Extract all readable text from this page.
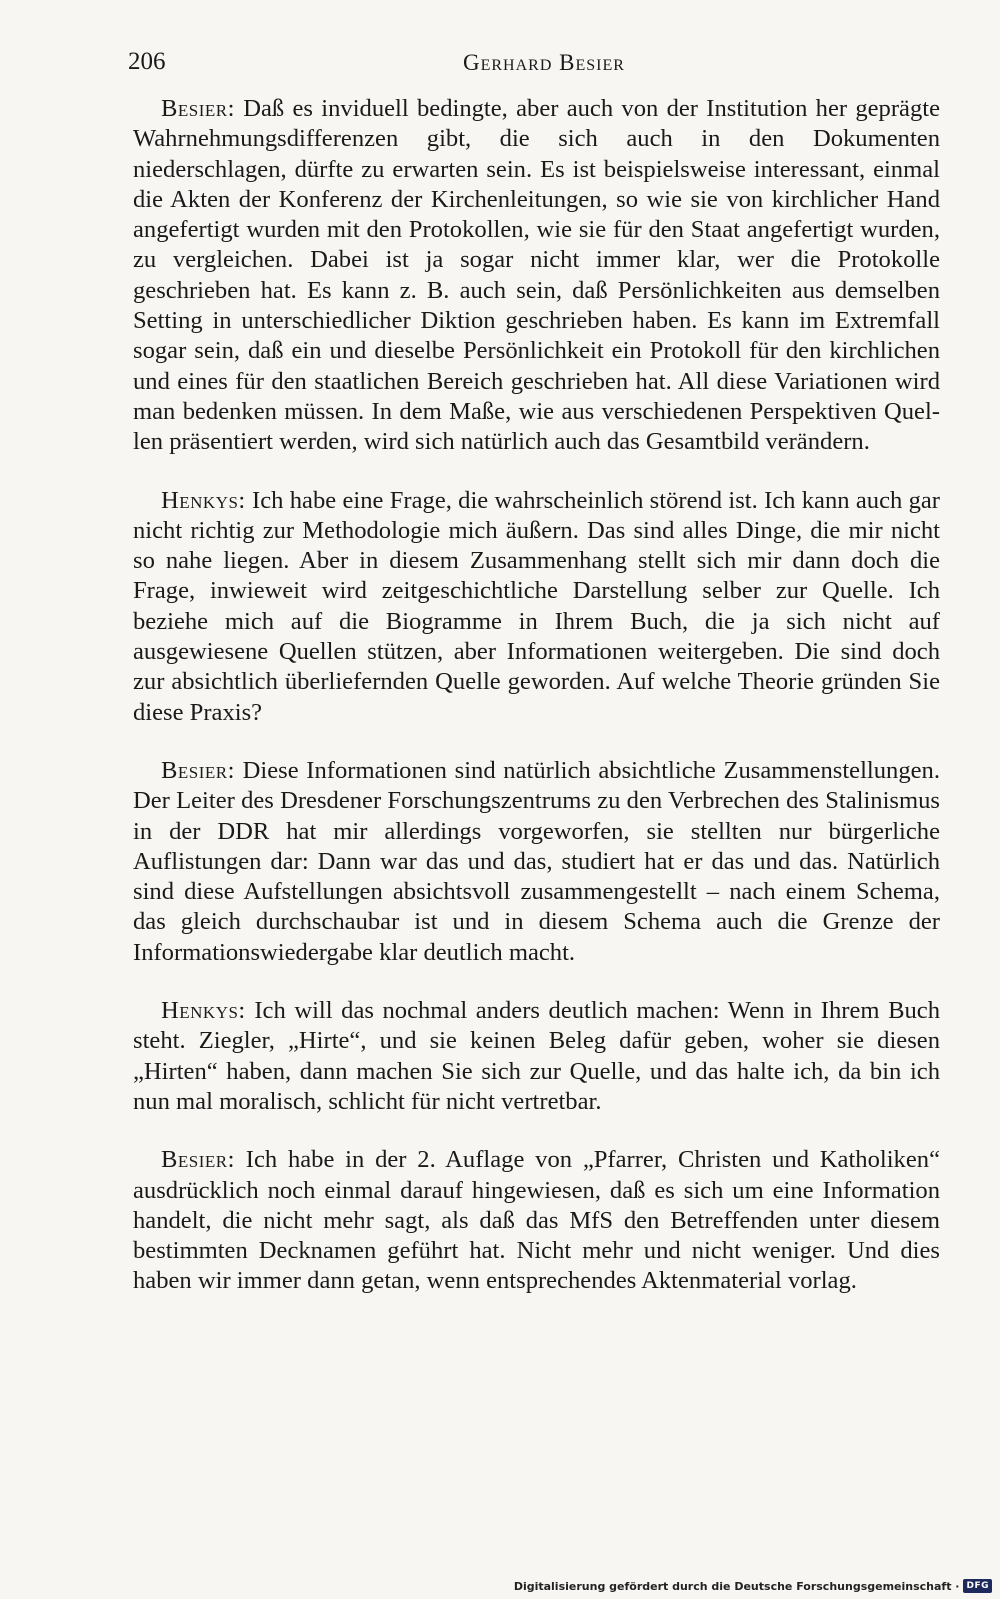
206	Gerhard Besier

Besier: Daß es inviduell bedingte, aber auch von der Institution her geprägte Wahrnehmungsdifferenzen gibt, die sich auch in den Dokumenten niederschlagen, dürfte zu erwarten sein. Es ist beispielsweise interessant, einmal die Akten der Konferenz der Kirchenleitungen, so wie sie von kirchlicher Hand angefertigt wurden mit den Protokollen, wie sie für den Staat angefertigt wurden, zu vergleichen. Dabei ist ja sogar nicht immer klar, wer die Protokolle geschrieben hat. Es kann z. B. auch sein, daß Persönlichkeiten aus demselben Setting in unterschiedlicher Diktion geschrieben haben. Es kann im Extremfall sogar sein, daß ein und dieselbe Persönlichkeit ein Protokoll für den kirchlichen und eines für den staatlichen Bereich geschrieben hat. All diese Variationen wird man bedenken müssen. In dem Maße, wie aus verschiedenen Perspektiven Quellen präsentiert werden, wird sich natürlich auch das Gesamtbild verändern.

Henkys: Ich habe eine Frage, die wahrscheinlich störend ist. Ich kann auch gar nicht richtig zur Methodologie mich äußern. Das sind alles Dinge, die mir nicht so nahe liegen. Aber in diesem Zusammenhang stellt sich mir dann doch die Frage, inwieweit wird zeitgeschichtliche Darstellung selber zur Quelle. Ich beziehe mich auf die Biogramme in Ihrem Buch, die ja sich nicht auf ausgewiesene Quellen stützen, aber Informationen weitergeben. Die sind doch zur absichtlich überliefernden Quelle geworden. Auf welche Theorie gründen Sie diese Praxis?

Besier: Diese Informationen sind natürlich absichtliche Zusammenstellungen. Der Leiter des Dresdener Forschungszentrums zu den Verbrechen des Stalinismus in der DDR hat mir allerdings vorgeworfen, sie stellten nur bürgerliche Auflistungen dar: Dann war das und das, studiert hat er das und das. Natürlich sind diese Aufstellungen absichtsvoll zusammengestellt – nach einem Schema, das gleich durchschaubar ist und in diesem Schema auch die Grenze der Informationswiedergabe klar deutlich macht.

Henkys: Ich will das nochmal anders deutlich machen: Wenn in Ihrem Buch steht. Ziegler, „Hirte“, und sie keinen Beleg dafür geben, woher sie diesen „Hirten“ haben, dann machen Sie sich zur Quelle, und das halte ich, da bin ich nun mal moralisch, schlicht für nicht vertretbar.

Besier: Ich habe in der 2. Auflage von „Pfarrer, Christen und Katholiken“ ausdrücklich noch einmal darauf hingewiesen, daß es sich um eine Information handelt, die nicht mehr sagt, als daß das MfS den Betreffenden unter diesem bestimmten Decknamen geführt hat. Nicht mehr und nicht weniger. Und dies haben wir immer dann getan, wenn entsprechendes Aktenmaterial vorlag.

Digitalisierung gefördert durch die Deutsche Forschungsgemeinschaft · DFG
